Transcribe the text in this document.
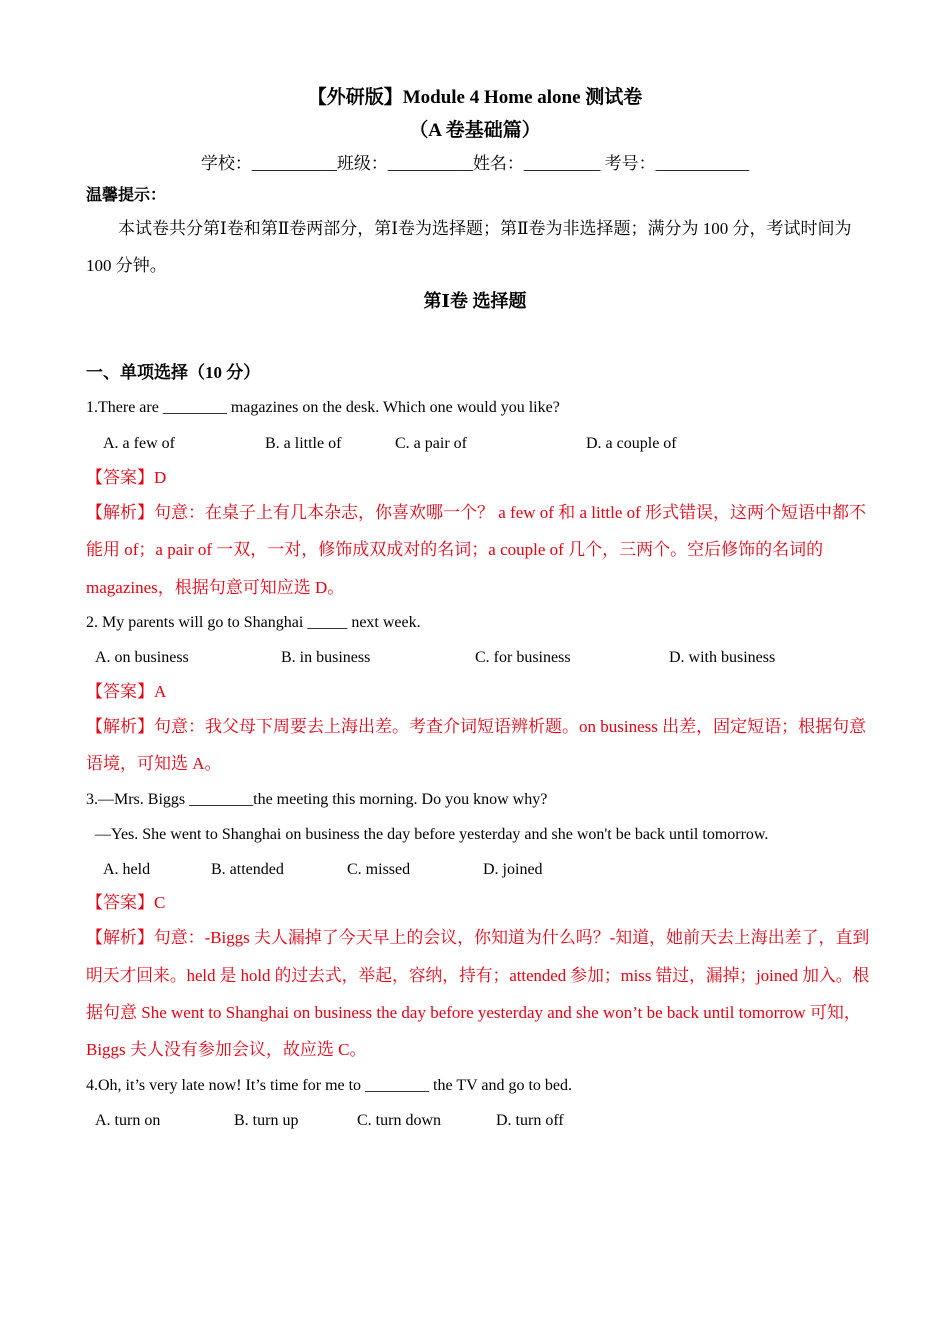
【外研版】Module 4 Home alone 测试卷
（A 卷基础篇）
学校：__________班级：__________姓名：_________ 考号：___________
温馨提示：
本试卷共分第Ⅰ卷和第Ⅱ卷两部分，第Ⅰ卷为选择题；第Ⅱ卷为非选择题；满分为 100 分，考试时间为
100 分钟。
第Ⅰ卷 选择题
一、单项选择（10 分）
1.There are ________ magazines on the desk. Which one would you like?
A. a few of	B. a little of	C. a pair of	D. a couple of
【答案】D
【解析】句意：在桌子上有几本杂志，你喜欢哪一个？ a few of 和 a little of 形式错误，这两个短语中都不
能用 of；a pair of 一双，一对，修饰成双成对的名词；a couple of 几个，三两个。空后修饰的名词的
magazines，根据句意可知应选 D。
2. My parents will go to Shanghai _____ next week.
A. on business	B. in business	C. for business	D. with business
【答案】A
【解析】句意：我父母下周要去上海出差。考查介词短语辨析题。on business 出差，固定短语；根据句意
语境，可知选 A。
3.—Mrs. Biggs ________the meeting this morning. Do you know why?
—Yes. She went to Shanghai on business the day before yesterday and she won't be back until tomorrow.
A. held	B. attended	C. missed	D. joined
【答案】C
【解析】句意：-Biggs 夫人漏掉了今天早上的会议，你知道为什么吗？-知道，她前天去上海出差了，直到
明天才回来。held 是 hold 的过去式，举起，容纳，持有；attended 参加；miss 错过，漏掉；joined 加入。根
据句意 She went to Shanghai on business the day before yesterday and she won’t be back until tomorrow 可知，
Biggs 夫人没有参加会议，故应选 C。
4.Oh, it’s very late now! It’s time for me to ________ the TV and go to bed.
A. turn on	B. turn up	C. turn down	D. turn off
